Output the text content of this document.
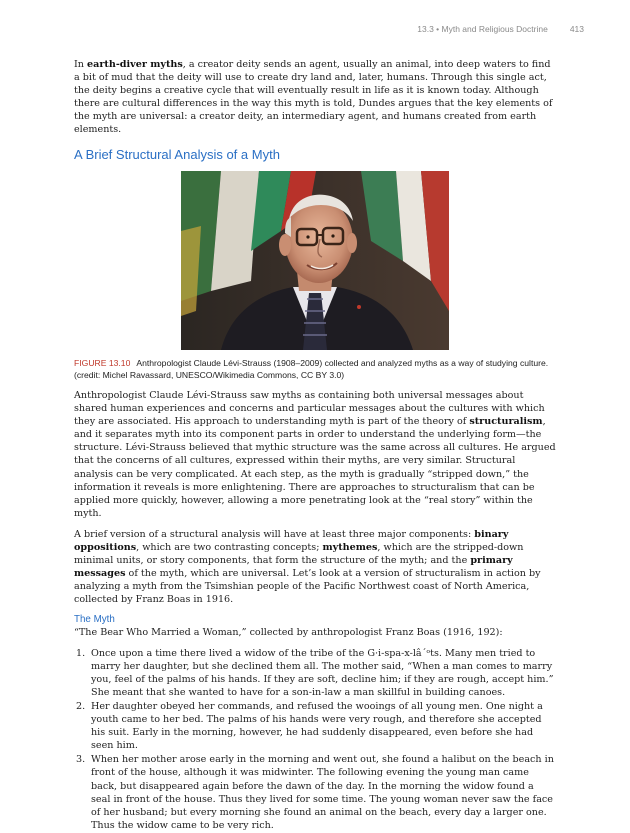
13.3 • Myth and Religious Doctrine	413

In earth-diver myths, a creator deity sends an agent, usually an animal, into deep waters to find a bit of mud that the deity will use to create dry land and, later, humans. Through this single act, the deity begins a creative cycle that will eventually result in life as it is known today. Although there are cultural differences in the way this myth is told, Dundes argues that the key elements of the myth are universal: a creator deity, an intermediary agent, and humans created from earth elements.

A Brief Structural Analysis of a Myth

FIGURE 13.10 Anthropologist Claude Lévi-Strauss (1908–2009) collected and analyzed myths as a way of studying culture. (credit: Michel Ravassard, UNESCO/Wikimedia Commons, CC BY 3.0)

Anthropologist Claude Lévi-Strauss saw myths as containing both universal messages about shared human experiences and concerns and particular messages about the cultures with which they are associated. His approach to understanding myth is part of the theory of structuralism, and it separates myth into its component parts in order to understand the underlying form—the structure. Lévi-Strauss believed that mythic structure was the same across all cultures. He argued that the concerns of all cultures, expressed within their myths, are very similar. Structural analysis can be very complicated. At each step, as the myth is gradually “stripped down,” the information it reveals is more enlightening. There are approaches to structuralism that can be applied more quickly, however, allowing a more penetrating look at the “real story” within the myth.

A brief version of a structural analysis will have at least three major components: binary oppositions, which are two contrasting concepts; mythemes, which are the stripped-down minimal units, or story components, that form the structure of the myth; and the primary messages of the myth, which are universal. Let’s look at a version of structuralism in action by analyzing a myth from the Tsimshian people of the Pacific Northwest coast of North America, collected by Franz Boas in 1916.

The Myth

“The Bear Who Married a Woman,” collected by anthropologist Franz Boas (1916, 192):

1. Once upon a time there lived a widow of the tribe of the G·i-spa-x-lâ´ᵒts. Many men tried to marry her daughter, but she declined them all. The mother said, “When a man comes to marry you, feel of the palms of his hands. If they are soft, decline him; if they are rough, accept him.” She meant that she wanted to have for a son-in-law a man skillful in building canoes.
2. Her daughter obeyed her commands, and refused the wooings of all young men. One night a youth came to her bed. The palms of his hands were very rough, and therefore she accepted his suit. Early in the morning, however, he had suddenly disappeared, even before she had seen him.
3. When her mother arose early in the morning and went out, she found a halibut on the beach in front of the house, although it was midwinter. The following evening the young man came back, but disappeared again before the dawn of the day. In the morning the widow found a seal in front of the house. Thus they lived for some time. The young woman never saw the face of her husband; but every morning she found an animal on the beach, every day a larger one. Thus the widow came to be very rich.
